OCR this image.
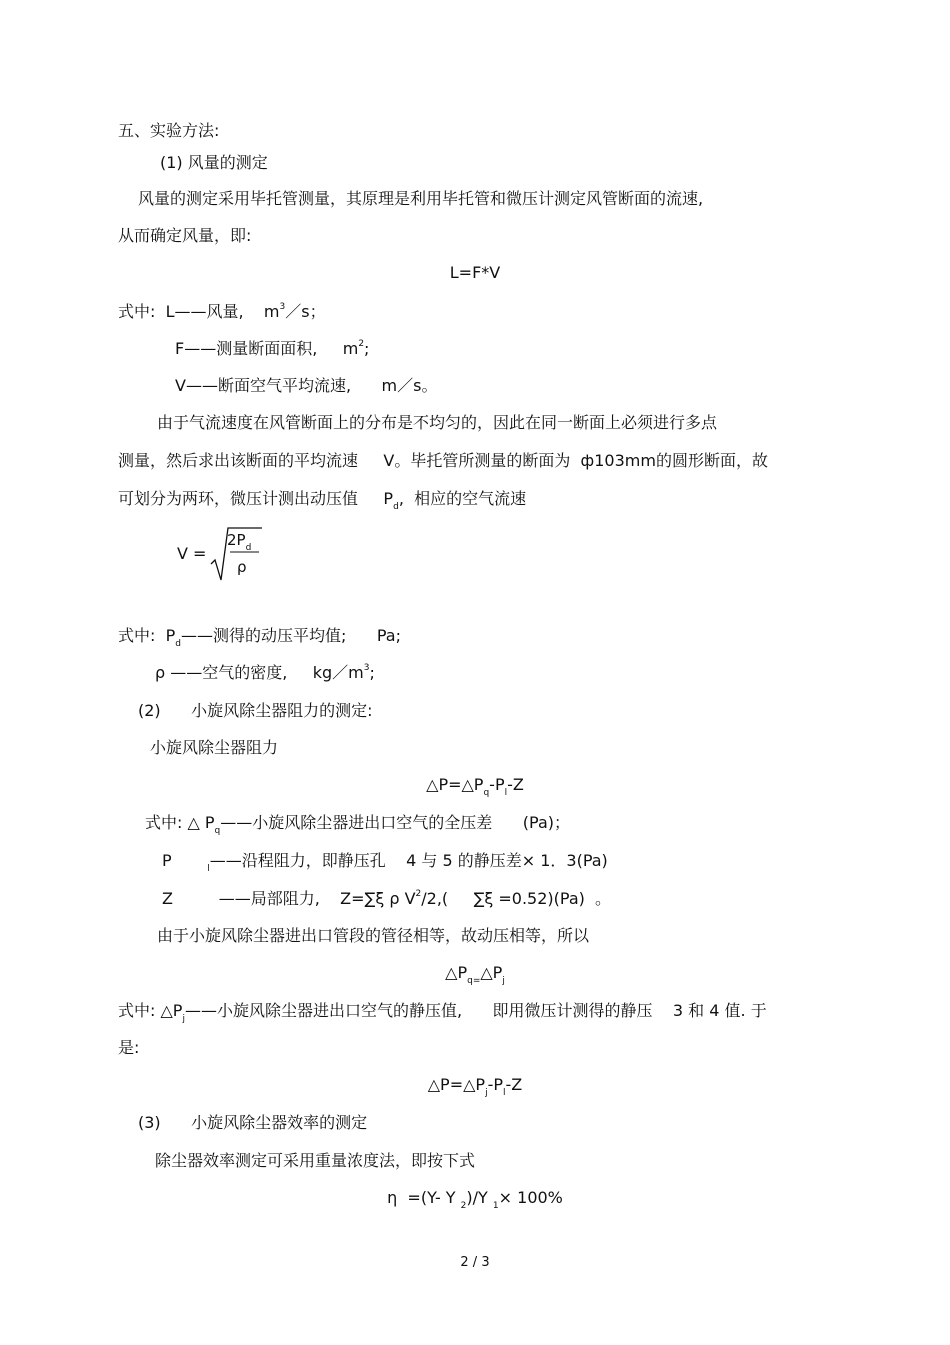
五、实验方法:
(1) 风量的测定
风量的测定采用毕托管测量，其原理是利用毕托管和微压计测定风管断面的流速,
从而确定风量，即:
L=F*V
式中:  L——风量,    $m^3/s$；
F——测量断面面积,     $m^2$;
V——断面空气平均流速,      m／s。
由于气流速度在风管断面上的分布是不均匀的，因此在同一断面上必须进行多点
测量，然后求出该断面的平均流速     V。毕托管所测量的断面为  ф103mm的圆形断面，故
可划分为两环，微压计测出动压值     $P_d$,  相应的空气流速
V =
$2P_d$
ρ
式中:  $P_d——$测得的动压平均值;      Pa;
ρ ——空气的密度,     $kg/m^3$;
(2)      小旋风除尘器阻力的测定:
小旋风除尘器阻力
$\triangle P=\triangle P_q-P_l-Z$
式中: △ $P_q——$小旋风除尘器进出口空气的全压差      (Pa)；
P       $_l$——沿程阻力，即静压孔    4 与 5 的静压差× 1．3(Pa)
Z         ——局部阻力,    Z=∑ξ ρ $V^2/2$,(     ∑ξ =0.52)(Pa)  。
由于小旋风除尘器进出口管段的管径相等，故动压相等，所以
$\triangle P_{q=}\triangle P_j$
式中: $\triangle P_j——$小旋风除尘器进出口空气的静压值,      即用微压计测得的静压    3 和 4 值. 于
是:
$\triangle P=\triangle P_j-P_l-Z$
(3)      小旋风除尘器效率的测定
除尘器效率测定可采用重量浓度法，即按下式
η  =(Y- Y $_2$)/Y $_1$× 100%
2 / 3
